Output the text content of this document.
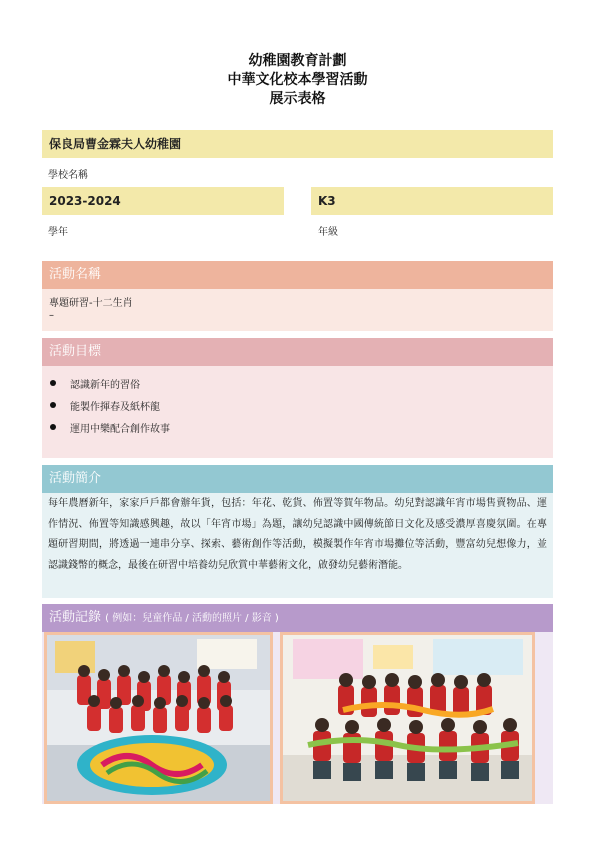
幼稚園教育計劃
中華文化校本學習活動
展示表格
保良局曹金霖夫人幼稚園
學校名稱
2023-2024	K3
學年	年級
活動名稱
專題研習-十二生肖
–
活動目標
認識新年的習俗
能製作揮春及紙杯龍
運用中樂配合創作故事
活動簡介
每年農曆新年，家家戶戶都會辦年貨，包括：年花、乾貨、佈置等賀年物品。幼兒對認識年宵市場售賣物品、運作情況、佈置等知識感興趣，故以「年宵市場」為題，讓幼兒認識中國傳統節日文化及感受濃厚喜慶氛圍。在專題研習期間，將透過一連串分享、探索、藝術創作等活動，模擬製作年宵市場攤位等活動，豐富幼兒想像力，並認識錢幣的概念，最後在研習中培養幼兒欣賞中華藝術文化，啟發幼兒藝術潛能。
活動記錄 ( 例如：兒童作品 / 活動的照片 / 影音 )
